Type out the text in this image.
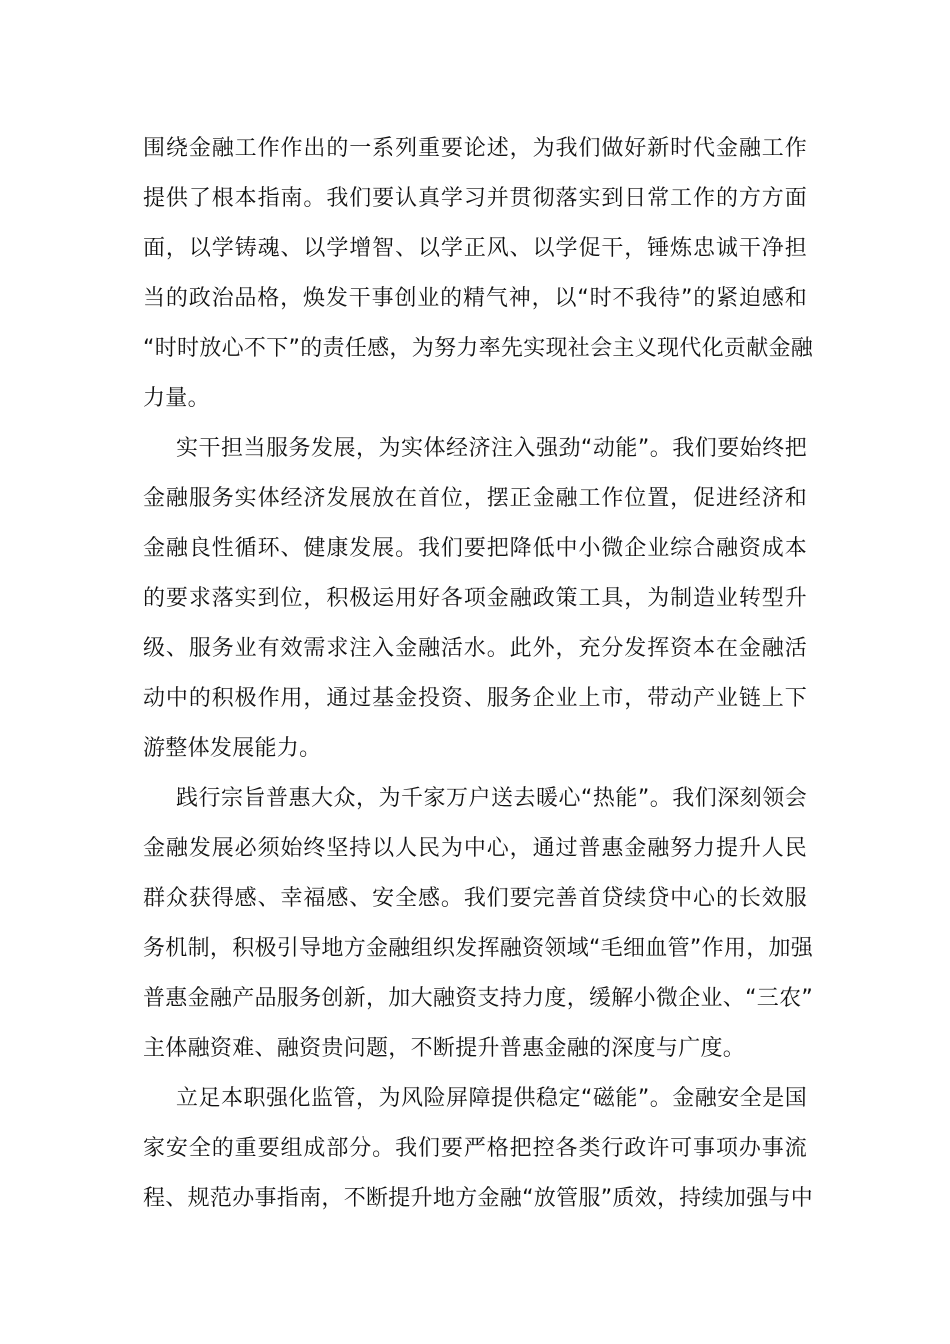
围绕金融工作作出的一系列重要论述，为我们做好新时代金融工作
提供了根本指南。我们要认真学习并贯彻落实到日常工作的方方面
面，以学铸魂、以学增智、以学正风、以学促干，锤炼忠诚干净担
当的政治品格，焕发干事创业的精气神，以“时不我待”的紧迫感和
“时时放心不下”的责任感，为努力率先实现社会主义现代化贡献金融
力量。
实干担当服务发展，为实体经济注入强劲“动能”。我们要始终把
金融服务实体经济发展放在首位，摆正金融工作位置，促进经济和
金融良性循环、健康发展。我们要把降低中小微企业综合融资成本
的要求落实到位，积极运用好各项金融政策工具，为制造业转型升
级、服务业有效需求注入金融活水。此外，充分发挥资本在金融活
动中的积极作用，通过基金投资、服务企业上市，带动产业链上下
游整体发展能力。
践行宗旨普惠大众，为千家万户送去暖心“热能”。我们深刻领会
金融发展必须始终坚持以人民为中心，通过普惠金融努力提升人民
群众获得感、幸福感、安全感。我们要完善首贷续贷中心的长效服
务机制，积极引导地方金融组织发挥融资领域“毛细血管”作用，加强
普惠金融产品服务创新，加大融资支持力度，缓解小微企业、“三农”
主体融资难、融资贵问题，不断提升普惠金融的深度与广度。
立足本职强化监管，为风险屏障提供稳定“磁能”。金融安全是国
家安全的重要组成部分。我们要严格把控各类行政许可事项办事流
程、规范办事指南，不断提升地方金融“放管服”质效，持续加强与中
